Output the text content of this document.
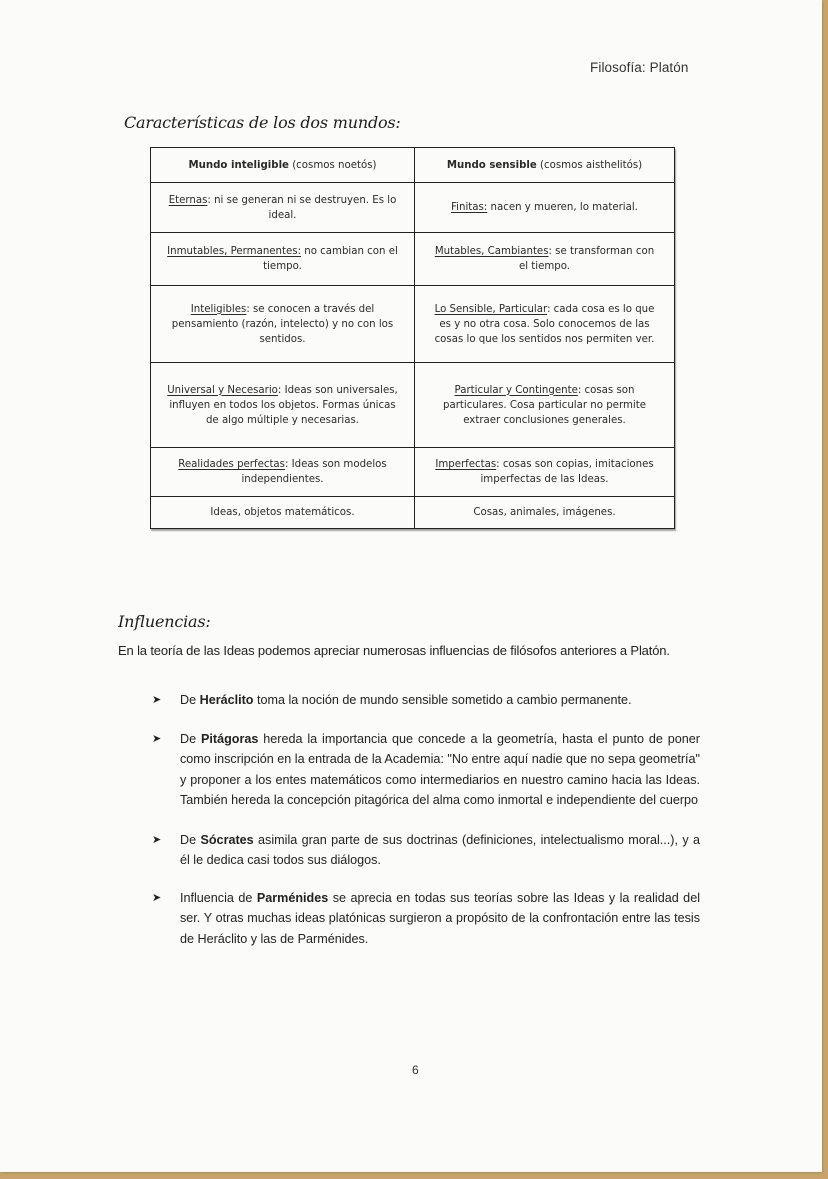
Filosofía: Platón
Características de los dos mundos:
Mundo inteligible (cosmos noetós)	Mundo sensible (cosmos aisthelitós)
Eternas: ni se generan ni se destruyen. Es lo ideal.	Finitas: nacen y mueren, lo material.
Inmutables, Permanentes: no cambian con el tiempo.	Mutables, Cambiantes: se transforman con el tiempo.
Inteligibles: se conocen a través del pensamiento (razón, intelecto) y no con los sentidos.	Lo Sensible, Particular: cada cosa es lo que es y no otra cosa. Solo conocemos de las cosas lo que los sentidos nos permiten ver.
Universal y Necesario: Ideas son universales, influyen en todos los objetos. Formas únicas de algo múltiple y necesarias.	Particular y Contingente: cosas son particulares. Cosa particular no permite extraer conclusiones generales.
Realidades perfectas: Ideas son modelos independientes.	Imperfectas: cosas son copias, imitaciones imperfectas de las Ideas.
Ideas, objetos matemáticos.	Cosas, animales, imágenes.
Influencias:

En la teoría de las Ideas podemos apreciar numerosas influencias de filósofos anteriores a Platón.

➤ De Heráclito toma la noción de mundo sensible sometido a cambio permanente.
➤ De Pitágoras hereda la importancia que concede a la geometría, hasta el punto de poner como inscripción en la entrada de la Academia: "No entre aquí nadie que no sepa geometría" y proponer a los entes matemáticos como intermediarios en nuestro camino hacia las Ideas. También hereda la concepción pitagórica del alma como inmortal e independiente del cuerpo
➤ De Sócrates asimila gran parte de sus doctrinas (definiciones, intelectualismo moral...), y a él le dedica casi todos sus diálogos.
➤ Influencia de Parménides se aprecia en todas sus teorías sobre las Ideas y la realidad del ser. Y otras muchas ideas platónicas surgieron a propósito de la confrontación entre las tesis de Heráclito y las de Parménides.
6
